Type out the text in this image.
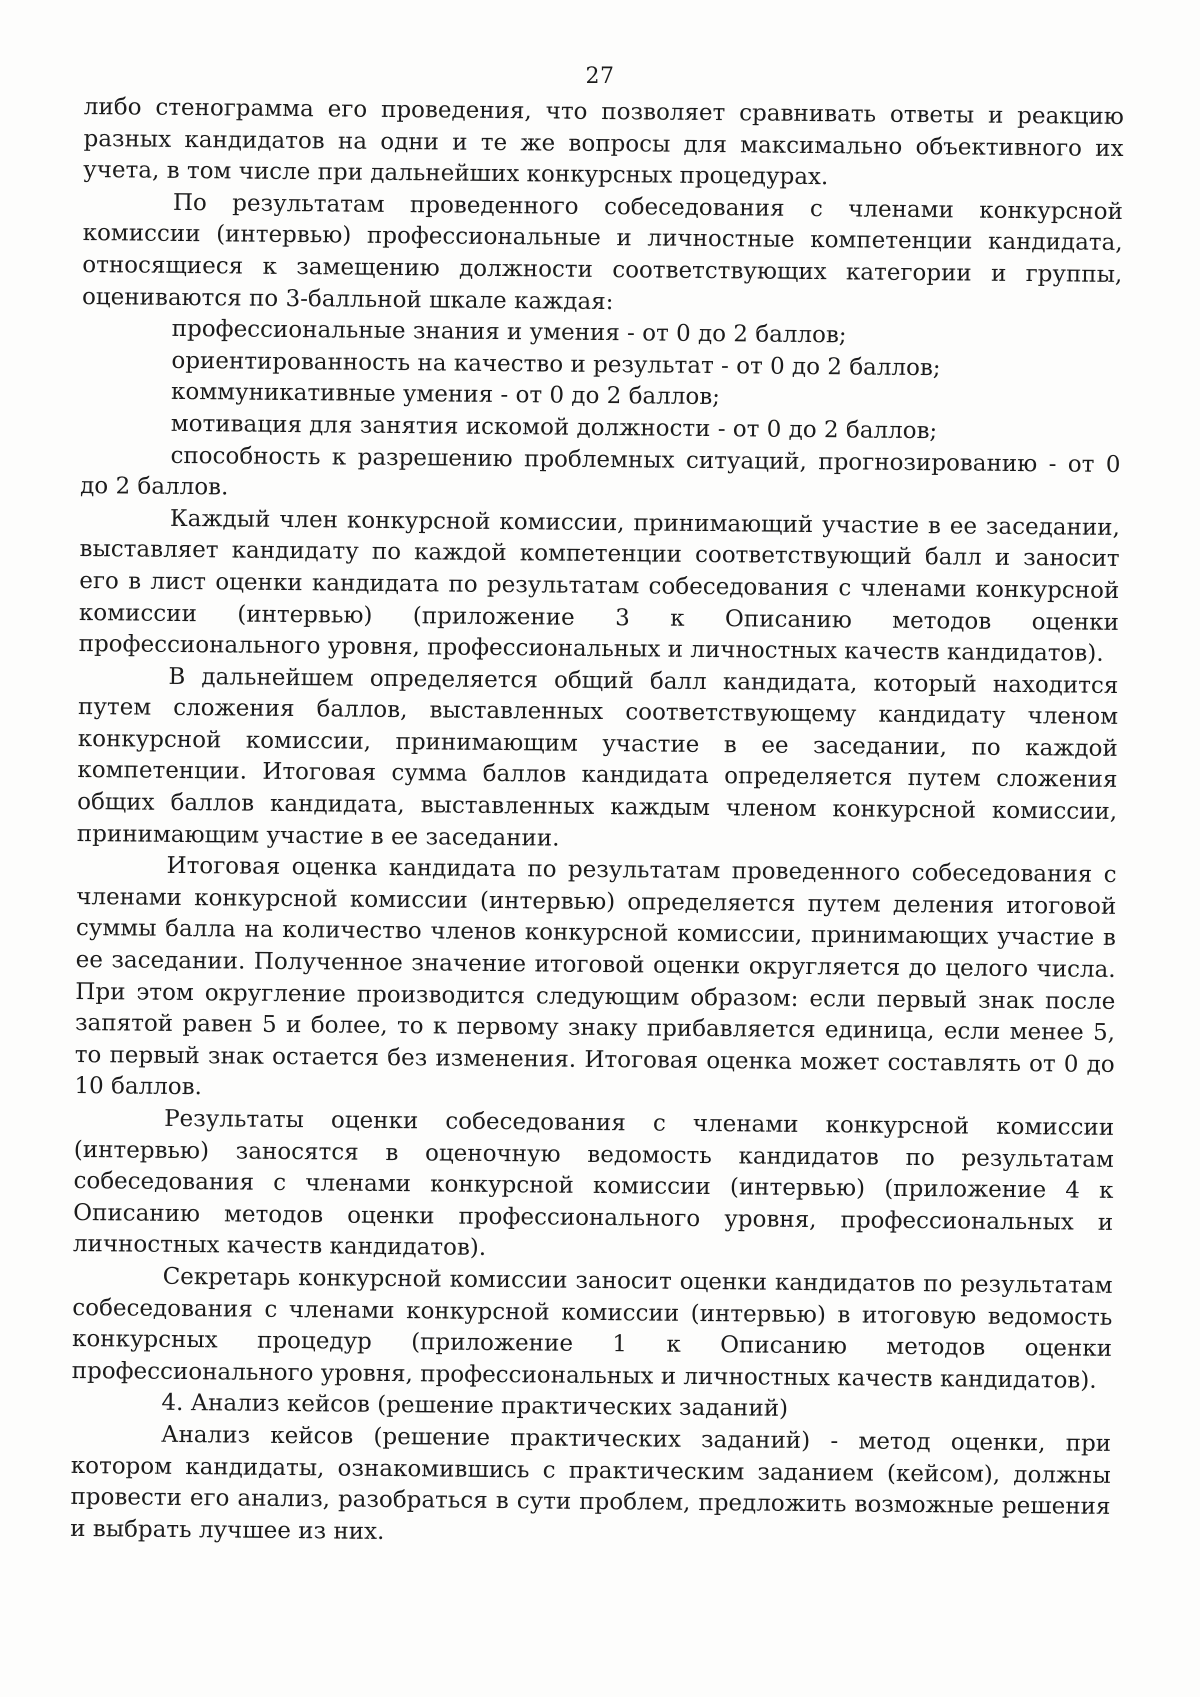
27

либо стенограмма его проведения, что позволяет сравнивать ответы и реакцию разных кандидатов на одни и те же вопросы для максимально объективного их учета, в том числе при дальнейших конкурсных процедурах.

По результатам проведенного собеседования с членами конкурсной комиссии (интервью) профессиональные и личностные компетенции кандидата, относящиеся к замещению должности соответствующих категории и группы, оцениваются по 3-балльной шкале каждая:

профессиональные знания и умения - от 0 до 2 баллов;

ориентированность на качество и результат - от 0 до 2 баллов;

коммуникативные умения - от 0 до 2 баллов;

мотивация для занятия искомой должности - от 0 до 2 баллов;

способность к разрешению проблемных ситуаций, прогнозированию - от 0 до 2 баллов.

Каждый член конкурсной комиссии, принимающий участие в ее заседании, выставляет кандидату по каждой компетенции соответствующий балл и заносит его в лист оценки кандидата по результатам собеседования с членами конкурсной комиссии (интервью) (приложение 3 к Описанию методов оценки профессионального уровня, профессиональных и личностных качеств кандидатов).

В дальнейшем определяется общий балл кандидата, который находится путем сложения баллов, выставленных соответствующему кандидату членом конкурсной комиссии, принимающим участие в ее заседании, по каждой компетенции. Итоговая сумма баллов кандидата определяется путем сложения общих баллов кандидата, выставленных каждым членом конкурсной комиссии, принимающим участие в ее заседании.

Итоговая оценка кандидата по результатам проведенного собеседования с членами конкурсной комиссии (интервью) определяется путем деления итоговой суммы балла на количество членов конкурсной комиссии, принимающих участие в ее заседании. Полученное значение итоговой оценки округляется до целого числа. При этом округление производится следующим образом: если первый знак после запятой равен 5 и более, то к первому знаку прибавляется единица, если менее 5, то первый знак остается без изменения. Итоговая оценка может составлять от 0 до 10 баллов.

Результаты оценки собеседования с членами конкурсной комиссии (интервью) заносятся в оценочную ведомость кандидатов по результатам собеседования с членами конкурсной комиссии (интервью) (приложение 4 к Описанию методов оценки профессионального уровня, профессиональных и личностных качеств кандидатов).

Секретарь конкурсной комиссии заносит оценки кандидатов по результатам собеседования с членами конкурсной комиссии (интервью) в итоговую ведомость конкурсных процедур (приложение 1 к Описанию методов оценки профессионального уровня, профессиональных и личностных качеств кандидатов).

4. Анализ кейсов (решение практических заданий)

Анализ кейсов (решение практических заданий) - метод оценки, при котором кандидаты, ознакомившись с практическим заданием (кейсом), должны провести его анализ, разобраться в сути проблем, предложить возможные решения и выбрать лучшее из них.
